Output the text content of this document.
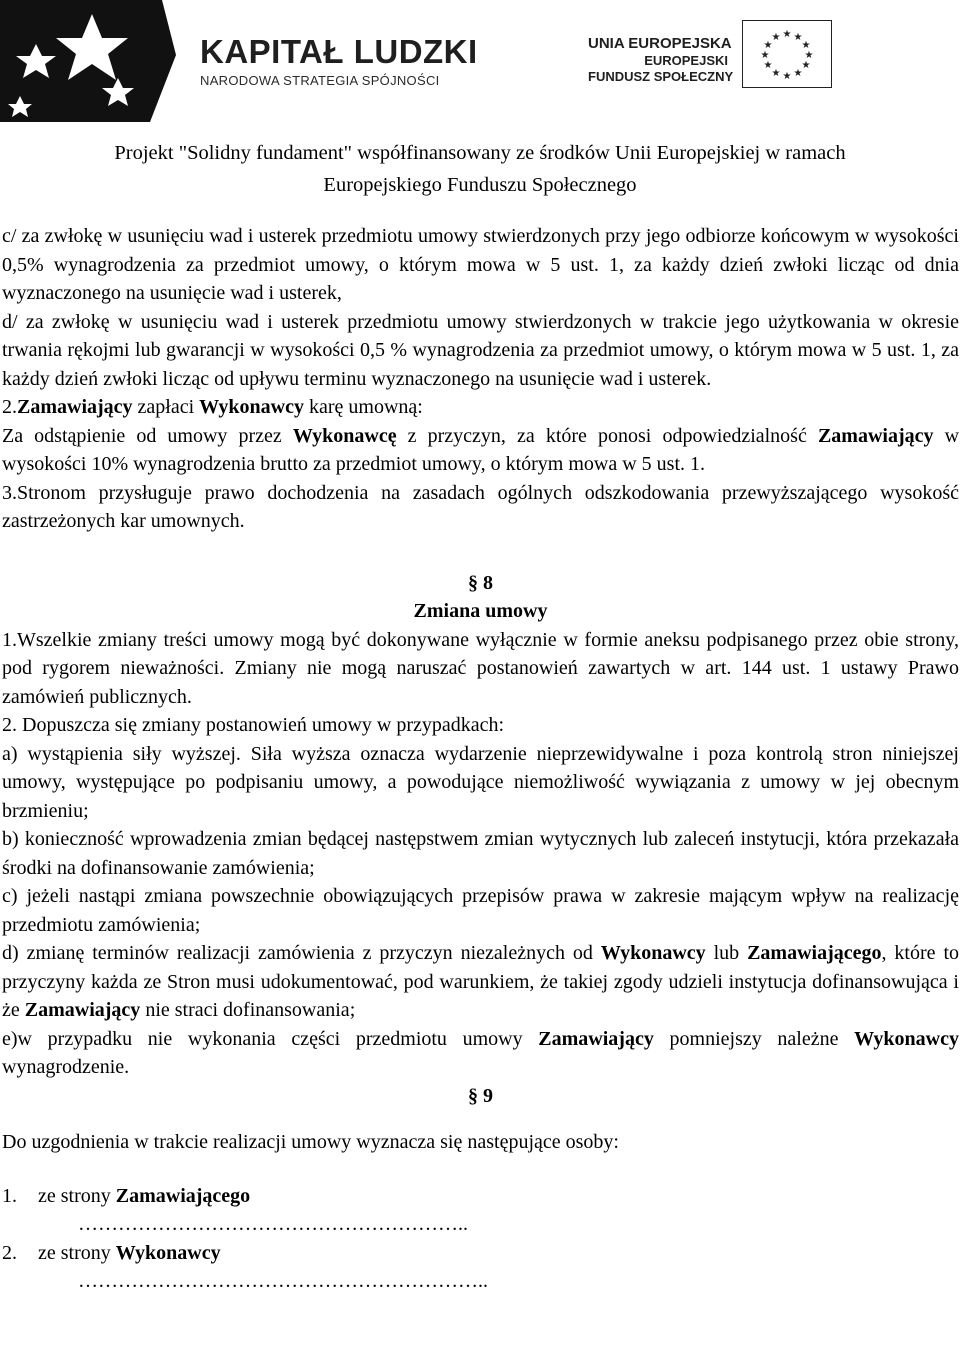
KAPITAŁ LUDZKI
NARODOWA STRATEGIA SPÓJNOŚCI
UNIA EUROPEJSKA
EUROPEJSKI
FUNDUSZ SPOŁECZNY
★ ★
★
★
★
★
★
★
★
★
★
★
Projekt "Solidny fundament" współfinansowany ze środków Unii Europejskiej w ramach
Europejskiego Funduszu Społecznego

c/ za zwłokę w usunięciu wad i usterek przedmiotu umowy stwierdzonych przy jego odbiorze końcowym w wysokości 0,5% wynagrodzenia za przedmiot umowy, o którym mowa w 5 ust. 1, za każdy dzień zwłoki licząc od dnia wyznaczonego na usunięcie wad i usterek,

d/ za zwłokę w usunięciu wad i usterek przedmiotu umowy stwierdzonych w trakcie jego użytkowania w okresie trwania rękojmi lub gwarancji w wysokości 0,5 % wynagrodzenia za przedmiot umowy, o którym mowa w 5 ust. 1, za każdy dzień zwłoki licząc od upływu terminu wyznaczonego na usunięcie wad i usterek.

2.Zamawiający zapłaci Wykonawcy karę umowną:

Za odstąpienie od umowy przez Wykonawcę z przyczyn, za które ponosi odpowiedzialność Zamawiający w wysokości 10% wynagrodzenia brutto za przedmiot umowy, o którym mowa w 5 ust. 1.

3.Stronom przysługuje prawo dochodzenia na zasadach ogólnych odszkodowania przewyższającego wysokość zastrzeżonych kar umownych.

§ 8

Zmiana umowy

1.Wszelkie zmiany treści umowy mogą być dokonywane wyłącznie w formie aneksu podpisanego przez obie strony, pod rygorem nieważności. Zmiany nie mogą naruszać postanowień zawartych w art. 144 ust. 1 ustawy Prawo zamówień publicznych.

2. Dopuszcza się zmiany postanowień umowy w przypadkach:

a) wystąpienia siły wyższej. Siła wyższa oznacza wydarzenie nieprzewidywalne i poza kontrolą stron niniejszej umowy, występujące po podpisaniu umowy, a powodujące niemożliwość wywiązania z umowy w jej obecnym brzmieniu;

b) konieczność wprowadzenia zmian będącej następstwem zmian wytycznych lub zaleceń instytucji, która przekazała środki na dofinansowanie zamówienia;

c) jeżeli nastąpi zmiana powszechnie obowiązujących przepisów prawa w zakresie mającym wpływ na realizację przedmiotu zamówienia;

d) zmianę terminów realizacji zamówienia z przyczyn niezależnych od Wykonawcy lub Zamawiającego, które to przyczyny każda ze Stron musi udokumentować, pod warunkiem, że takiej zgody udzieli instytucja dofinansowująca i że Zamawiający nie straci dofinansowania;

e)w przypadku nie wykonania części przedmiotu umowy Zamawiający pomniejszy należne Wykonawcy wynagrodzenie.

§ 9

Do uzgodnienia w trakcie realizacji umowy wyznacza się następujące osoby:

1. ze strony Zamawiającego
…………………………………………………..
2. ze strony Wykonawcy
……………………………………………………..
